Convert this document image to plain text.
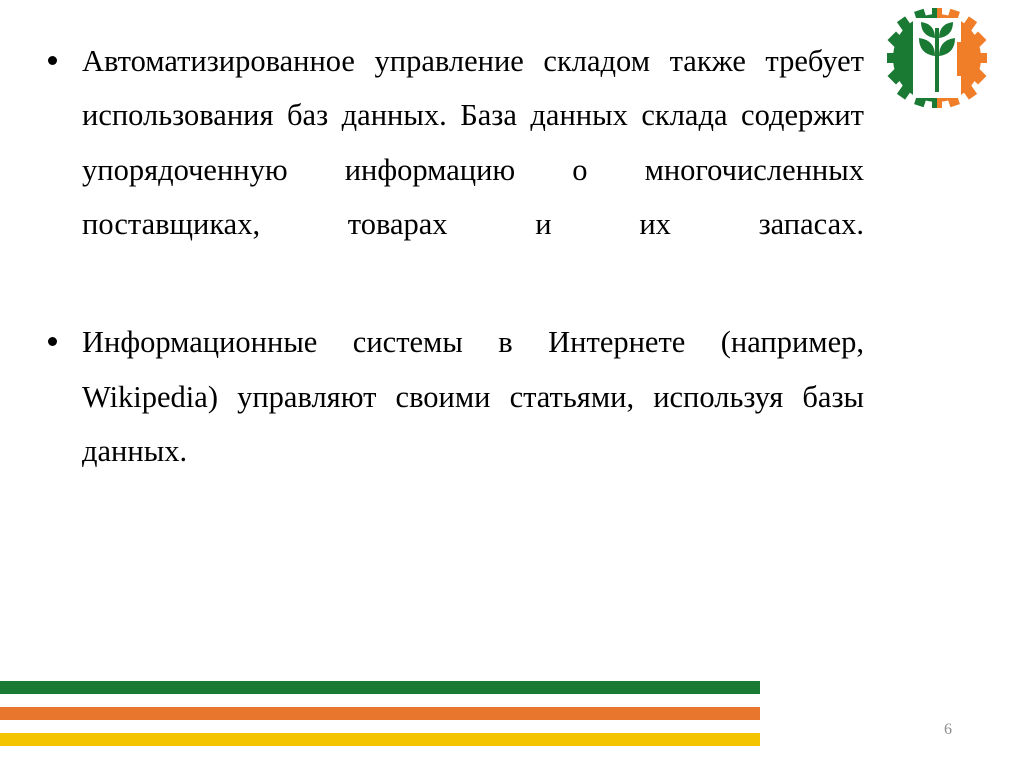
Автоматизированное управление складом также требует использования баз данных. База данных склада содержит упорядоченную информацию о многочисленных поставщиках, товарах и их запасах.
Информационные системы в Интернете (например, Wikipedia) управляют своими статьями, используя базы данных.
6
